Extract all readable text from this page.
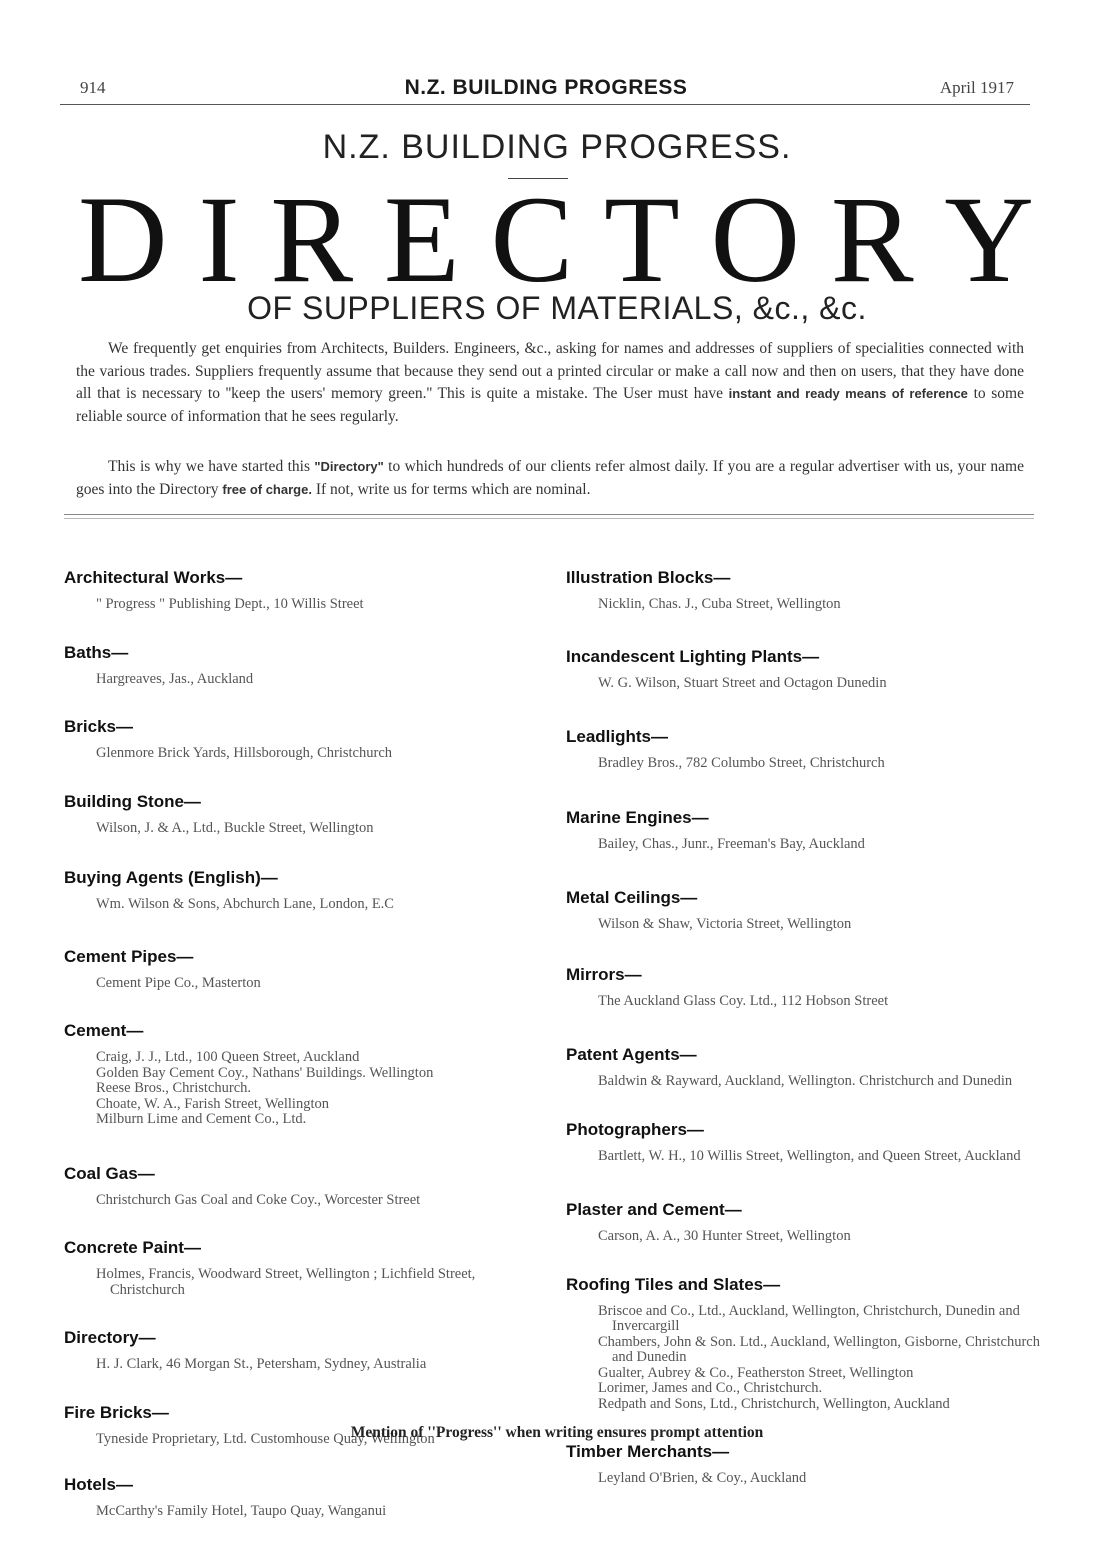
914	N.Z. BUILDING PROGRESS	April 1917
N.Z. BUILDING PROGRESS.
D I R E C T O R Y
OF SUPPLIERS OF MATERIALS, &c., &c.

We frequently get enquiries from Architects, Builders. Engineers, &c., asking for names and addresses of suppliers of specialities connected with the various trades. Suppliers frequently assume that because they send out a printed circular or make a call now and then on users, that they have done all that is necessary to ''keep the users' memory green.'' This is quite a mistake. The User must have instant and ready means of reference to some reliable source of information that he sees regularly.

This is why we have started this "Directory" to which hundreds of our clients refer almost daily. If you are a regular advertiser with us, your name goes into the Directory free of charge. If not, write us for terms which are nominal.

Architectural Works—
" Progress " Publishing Dept., 10 Willis Street
Baths—
Hargreaves, Jas., Auckland
Bricks—
Glenmore Brick Yards, Hillsborough, Christchurch
Building Stone—
Wilson, J. & A., Ltd., Buckle Street, Wellington
Buying Agents (English)—
Wm. Wilson & Sons, Abchurch Lane, London, E.C
Cement Pipes—
Cement Pipe Co., Masterton
Cement—
Craig, J. J., Ltd., 100 Queen Street, Auckland
Golden Bay Cement Coy., Nathans' Buildings. Wellington
Reese Bros., Christchurch.
Choate, W. A., Farish Street, Wellington
Milburn Lime and Cement Co., Ltd.
Coal Gas—
Christchurch Gas Coal and Coke Coy., Worcester Street
Concrete Paint—
Holmes, Francis, Woodward Street, Wellington ; Lichfield Street, Christchurch
Directory—
H. J. Clark, 46 Morgan St., Petersham, Sydney, Australia
Fire Bricks—
Tyneside Proprietary, Ltd. Customhouse Quay, Wellington
Hotels—
McCarthy's Family Hotel, Taupo Quay, Wanganui
Illustration Blocks—
Nicklin, Chas. J., Cuba Street, Wellington
Incandescent Lighting Plants—
W. G. Wilson, Stuart Street and Octagon Dunedin
Leadlights—
Bradley Bros., 782 Columbo Street, Christchurch
Marine Engines—
Bailey, Chas., Junr., Freeman's Bay, Auckland
Metal Ceilings—
Wilson & Shaw, Victoria Street, Wellington
Mirrors—
The Auckland Glass Coy. Ltd., 112 Hobson Street
Patent Agents—
Baldwin & Rayward, Auckland, Wellington. Christchurch and Dunedin
Photographers—
Bartlett, W. H., 10 Willis Street, Wellington, and Queen Street, Auckland
Plaster and Cement—
Carson, A. A., 30 Hunter Street, Wellington
Roofing Tiles and Slates—
Briscoe and Co., Ltd., Auckland, Wellington, Christchurch, Dunedin and Invercargill
Chambers, John & Son. Ltd., Auckland, Wellington, Gisborne, Christchurch and Dunedin
Gualter, Aubrey & Co., Featherston Street, Wellington
Lorimer, James and Co., Christchurch.
Redpath and Sons, Ltd., Christchurch, Wellington, Auckland
Timber Merchants—
Leyland O'Brien, & Coy., Auckland
Mention of ''Progress'' when writing ensures prompt attention
